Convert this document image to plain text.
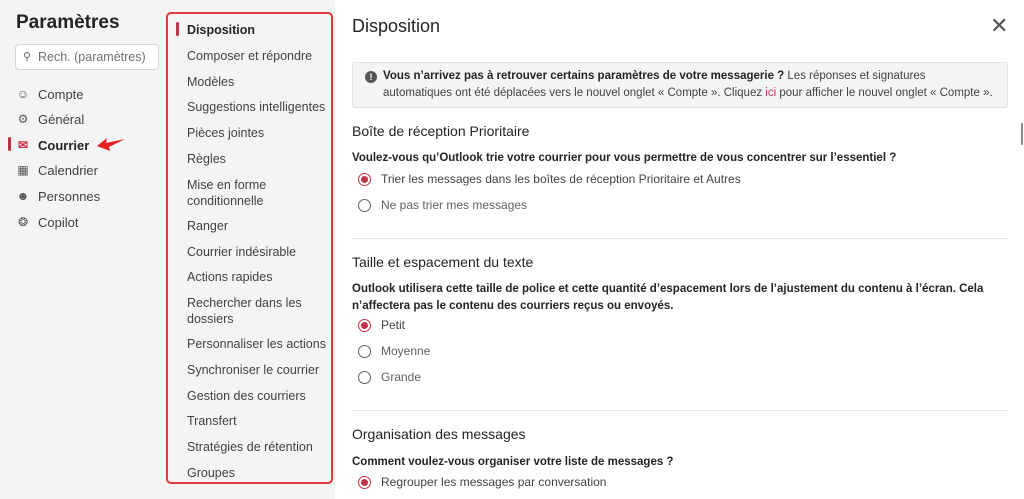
Paramètres
⚲ Rech. (paramètres)
☺ Compte
⚙ Général
✉ Courrier
▦ Calendrier
☻ Personnes
❂ Copilot
Disposition
Composer et répondre
Modèles
Suggestions intelligentes
Pièces jointes
Règles
Mise en forme conditionnelle
Ranger
Courrier indésirable
Actions rapides
Rechercher dans les dossiers
Personnaliser les actions
Synchroniser le courrier
Gestion des courriers
Transfert
Stratégies de rétention
Groupes
Disposition	✕
! Vous n’arrivez pas à retrouver certains paramètres de votre messagerie ? Les réponses et signatures automatiques ont été déplacées vers le nouvel onglet « Compte ». Cliquez ici pour afficher le nouvel onglet « Compte ».
Boîte de réception Prioritaire
Voulez-vous qu’Outlook trie votre courrier pour vous permettre de vous concentrer sur l’essentiel ?
Trier les messages dans les boîtes de réception Prioritaire et Autres
Ne pas trier mes messages
Taille et espacement du texte
Outlook utilisera cette taille de police et cette quantité d’espacement lors de l’ajustement du contenu à l’écran. Cela n’affectera pas le contenu des courriers reçus ou envoyés.
Petit
Moyenne
Grande
Organisation des messages
Comment voulez-vous organiser votre liste de messages ?
Regrouper les messages par conversation
